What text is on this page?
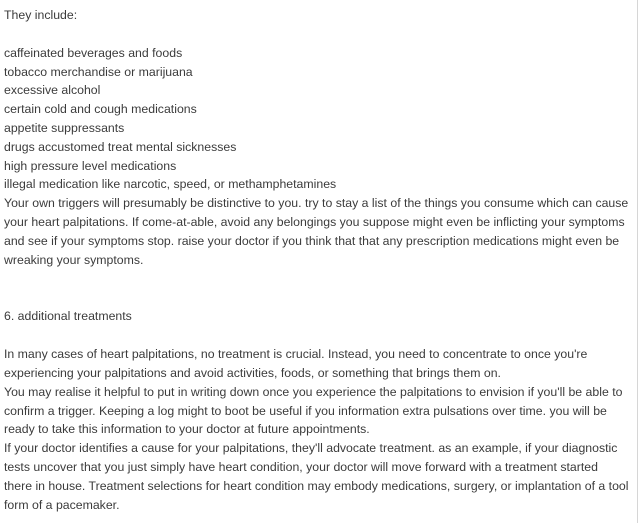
They include:

caffeinated beverages and foods
tobacco merchandise or marijuana
excessive alcohol
certain cold and cough medications
appetite suppressants
drugs accustomed treat mental sicknesses
high pressure level medications
illegal medication like narcotic, speed, or methamphetamines

Your own triggers will presumably be distinctive to you. try to stay a list of the things you consume which can cause your heart palpitations. If come-at-able, avoid any belongings you suppose might even be inflicting your symptoms and see if your symptoms stop. raise your doctor if you think that that any prescription medications might even be wreaking your symptoms.

6. additional treatments

In many cases of heart palpitations, no treatment is crucial. Instead, you need to concentrate to once you're experiencing your palpitations and avoid activities, foods, or something that brings them on.

You may realise it helpful to put in writing down once you experience the palpitations to envision if you'll be able to confirm a trigger. Keeping a log might to boot be useful if you information extra pulsations over time. you will be ready to take this information to your doctor at future appointments.

If your doctor identifies a cause for your palpitations, they'll advocate treatment. as an example, if your diagnostic tests uncover that you just simply have heart condition, your doctor will move forward with a treatment started there in house. Treatment selections for heart condition may embody medications, surgery, or implantation of a tool form of a pacemaker.
